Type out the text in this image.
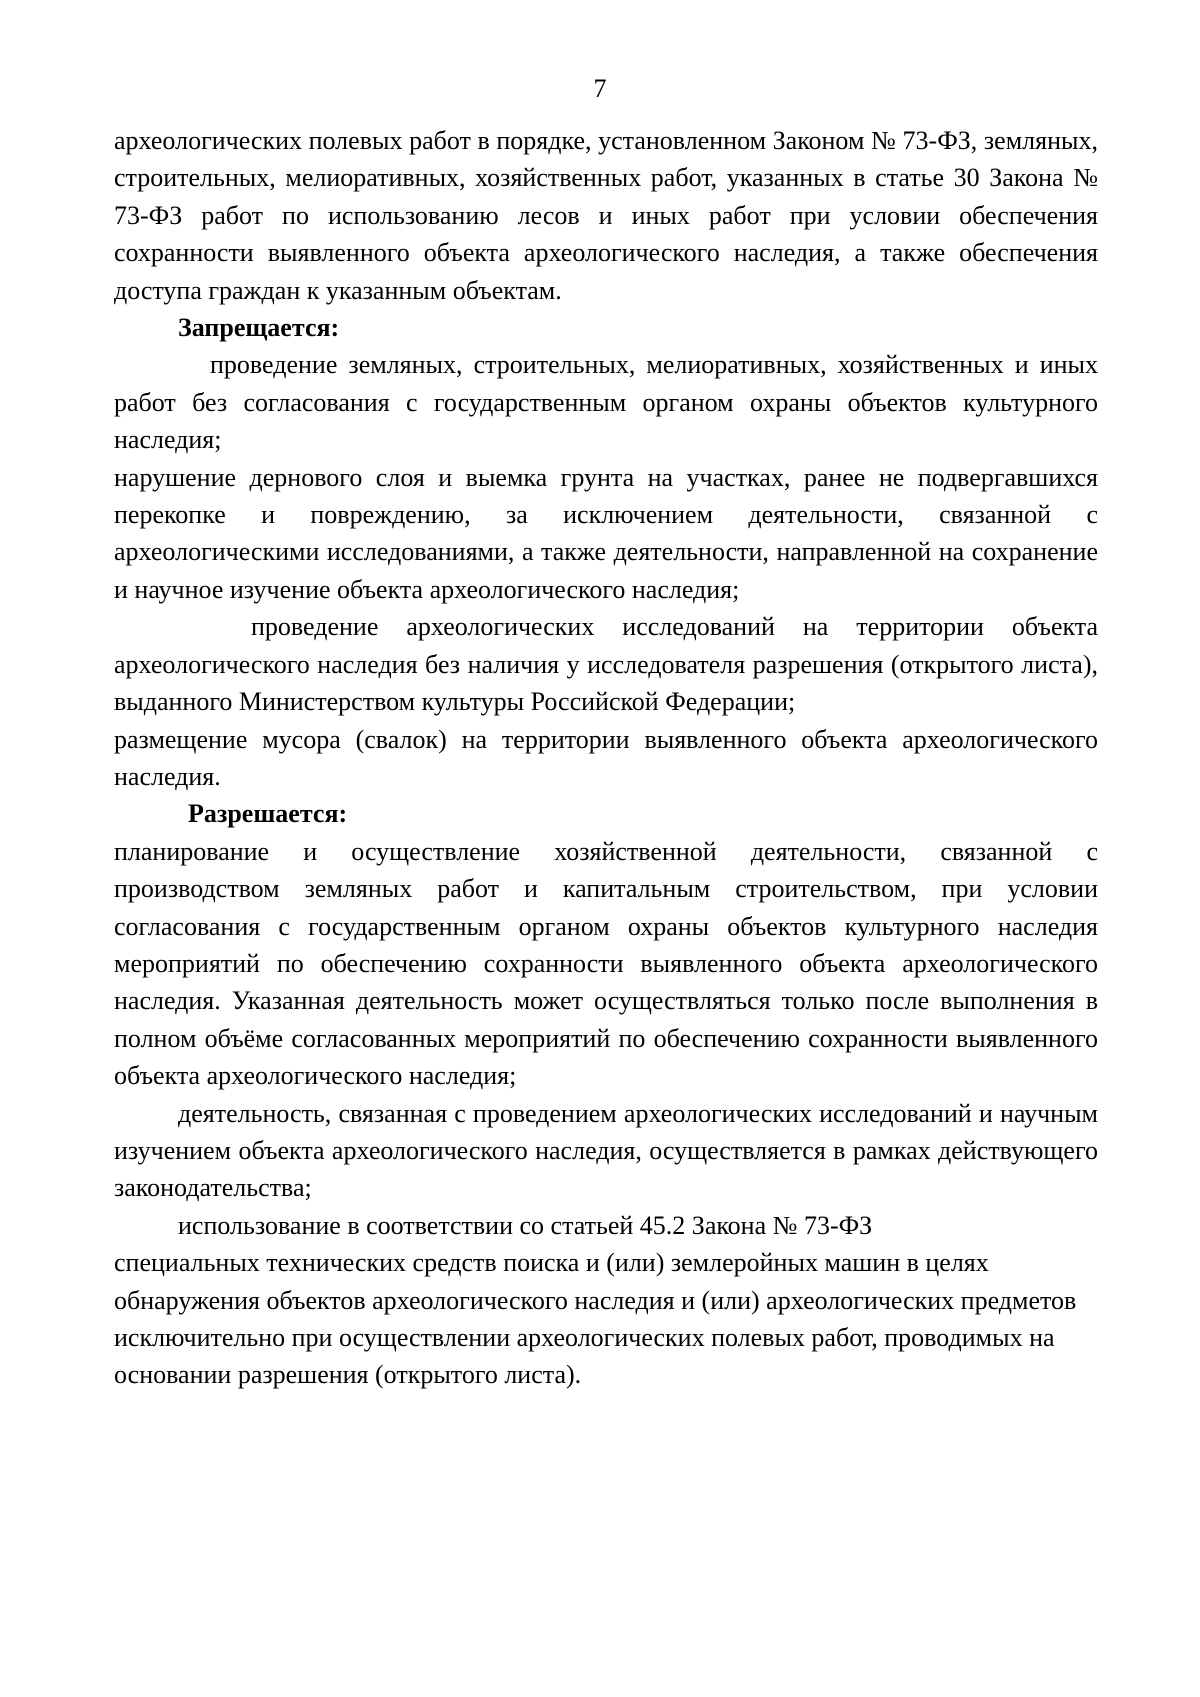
7

археологических полевых работ в порядке, установленном Законом № 73-ФЗ, земляных, строительных, мелиоративных, хозяйственных работ, указанных в статье 30 Закона № 73-ФЗ работ по использованию лесов и иных работ при условии обеспечения сохранности выявленного объекта археологического наследия, а также обеспечения доступа граждан к указанным объектам.

Запрещается:

проведение земляных, строительных, мелиоративных, хозяйственных и иных работ без согласования с государственным органом охраны объектов культурного наследия;

нарушение дернового слоя и выемка грунта на участках, ранее не подвергавшихся перекопке и повреждению, за исключением деятельности, связанной с археологическими исследованиями, а также деятельности, направленной на сохранение и научное изучение объекта археологического наследия;

проведение археологических исследований на территории объекта археологического наследия без наличия у исследователя разрешения (открытого листа), выданного Министерством культуры Российской Федерации;

размещение мусора (свалок) на территории выявленного объекта археологического наследия.

Разрешается:

планирование и осуществление хозяйственной деятельности, связанной с производством земляных работ и капитальным строительством, при условии согласования с государственным органом охраны объектов культурного наследия мероприятий по обеспечению сохранности выявленного объекта археологического наследия. Указанная деятельность может осуществляться только после выполнения в полном объёме согласованных мероприятий по обеспечению сохранности выявленного объекта археологического наследия;

деятельность, связанная с проведением археологических исследований и научным изучением объекта археологического наследия, осуществляется в рамках действующего законодательства;

использование в соответствии со статьей 45.2 Закона № 73-ФЗ

специальных технических средств поиска и (или) землеройных машин в целях обнаружения объектов археологического наследия и (или) археологических предметов исключительно при осуществлении археологических полевых работ, проводимых на основании разрешения (открытого листа).
